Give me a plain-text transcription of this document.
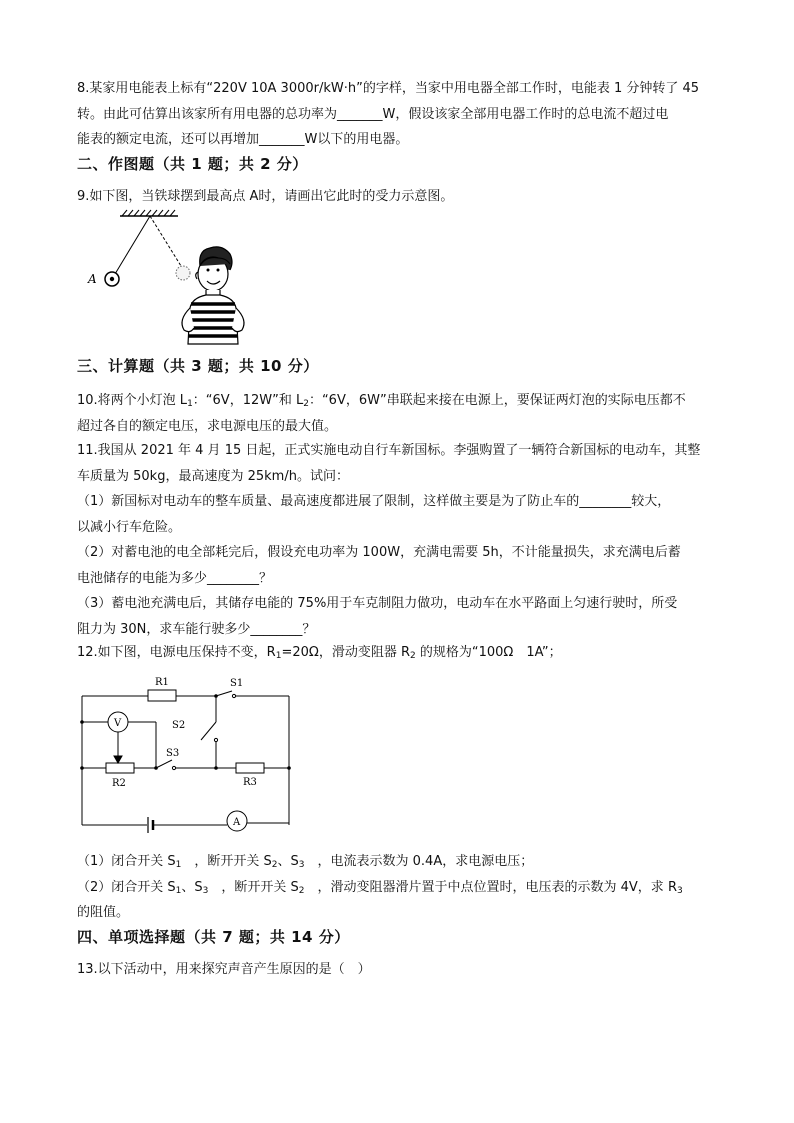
8.某家用电能表上标有“220V 10A 3000r/kW·h”的字样，当家中用电器全部工作时，电能表 1 分钟转了 45

转。由此可估算出该家所有用电器的总功率为_______W，假设该家全部用电器工作时的总电流不超过电

能表的额定电流，还可以再增加_______W以下的用电器。

二、作图题（共 1 题；共 2 分）

9.如下图，当铁球摆到最高点 A时，请画出它此时的受力示意图。

A
三、计算题（共 3 题；共 10 分）

10.将两个小灯泡 $L_1$：“6V，12W”和 $L_2$：“6V，6W”串联起来接在电源上，要保证两灯泡的实际电压都不

超过各自的额定电压，求电源电压的最大值。

11.我国从 2021 年 4 月 15 日起，正式实施电动自行车新国标。李强购置了一辆符合新国标的电动车，其整

车质量为 50kg，最高速度为 25km/h。试问：

（1）新国标对电动车的整车质量、最高速度都进展了限制，这样做主要是为了防止车的________较大，

以减小行车危险。

（2）对蓄电池的电全部耗完后，假设充电功率为 100W，充满电需要 5h，不计能量损失，求充满电后蓄

电池储存的电能为多少________？

（3）蓄电池充满电后，其储存电能的 75%用于车克制阻力做功，电动车在水平路面上匀速行驶时，所受

阻力为 30N，求车能行驶多少________？

12.如下图，电源电压保持不变，$R_1=20\Omega$，滑动变阻器 $R_2$ 的规格为“100Ω　1A”；

R1	S1
S2
S3
R2	R3
V
A

（1）闭合开关 $S_1$　，断开开关 $S_2$、$S_3$　，电流表示数为 0.4A，求电源电压；

（2）闭合开关 $S_1$、$S_3$　，断开开关 $S_2$　，滑动变阻器滑片置于中点位置时，电压表的示数为 4V，求 $R_3$

的阻值。

四、单项选择题（共 7 题；共 14 分）

13.以下活动中，用来探究声音产生原因的是（　）
